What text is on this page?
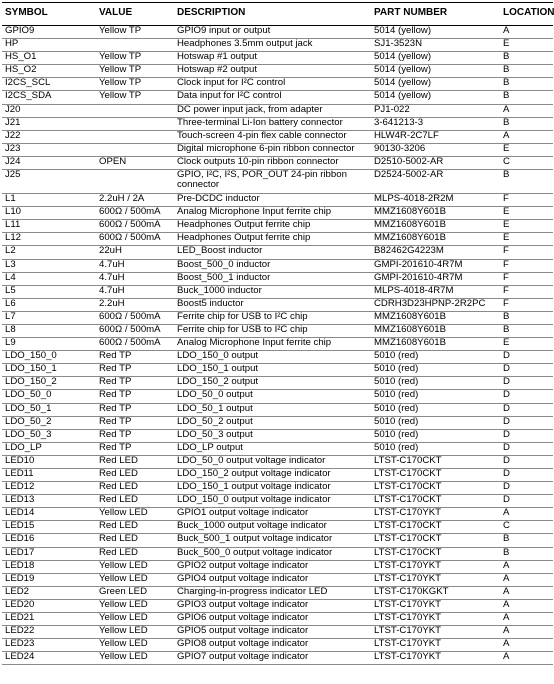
SYMBOL	VALUE	DESCRIPTION	PART NUMBER	LOCATION
GPIO9	Yellow TP	GPIO9 input or output	5014 (yellow)	A
HP		Headphones 3.5mm output jack	SJ1-3523N	E
HS_O1	Yellow TP	Hotswap #1 output	5014 (yellow)	B
HS_O2	Yellow TP	Hotswap #2 output	5014 (yellow)	B
I2CS_SCL	Yellow TP	Clock input for I²C control	5014 (yellow)	B
I2CS_SDA	Yellow TP	Data input for I²C control	5014 (yellow)	B
J20		DC power input jack, from adapter	PJ1-022	A
J21		Three-terminal Li-Ion battery connector	3-641213-3	B
J22		Touch-screen 4-pin flex cable connector	HLW4R-2C7LF	A
J23		Digital microphone 6-pin ribbon connector	90130-3206	E
J24	OPEN	Clock outputs 10-pin ribbon connector	D2510-5002-AR	C
J25		GPIO, I²C, I²S, POR_OUT 24-pin ribbon connector	D2524-5002-AR	B
L1	2.2uH / 2A	Pre-DCDC inductor	MLPS-4018-2R2M	F
L10	600Ω / 500mA	Analog Microphone Input ferrite chip	MMZ1608Y601B	E
L11	600Ω / 500mA	Headphones Output ferrite chip	MMZ1608Y601B	E
L12	600Ω / 500mA	Headphones Output ferrite chip	MMZ1608Y601B	E
L2	22uH	LED_Boost inductor	B82462G4223M	F
L3	4.7uH	Boost_500_0 inductor	GMPI-201610-4R7M	F
L4	4.7uH	Boost_500_1 inductor	GMPI-201610-4R7M	F
L5	4.7uH	Buck_1000 inductor	MLPS-4018-4R7M	F
L6	2.2uH	Boost5 inductor	CDRH3D23HPNP-2R2PC	F
L7	600Ω / 500mA	Ferrite chip for USB to I²C chip	MMZ1608Y601B	B
L8	600Ω / 500mA	Ferrite chip for USB to I²C chip	MMZ1608Y601B	B
L9	600Ω / 500mA	Analog Microphone Input ferrite chip	MMZ1608Y601B	E
LDO_150_0	Red TP	LDO_150_0 output	5010 (red)	D
LDO_150_1	Red TP	LDO_150_1 output	5010 (red)	D
LDO_150_2	Red TP	LDO_150_2 output	5010 (red)	D
LDO_50_0	Red TP	LDO_50_0 output	5010 (red)	D
LDO_50_1	Red TP	LDO_50_1 output	5010 (red)	D
LDO_50_2	Red TP	LDO_50_2 output	5010 (red)	D
LDO_50_3	Red TP	LDO_50_3 output	5010 (red)	D
LDO_LP	Red TP	LDO_LP output	5010 (red)	D
LED10	Red LED	LDO_50_0 output voltage indicator	LTST-C170CKT	D
LED11	Red LED	LDO_150_2 output voltage indicator	LTST-C170CKT	D
LED12	Red LED	LDO_150_1 output voltage indicator	LTST-C170CKT	D
LED13	Red LED	LDO_150_0 output voltage indicator	LTST-C170CKT	D
LED14	Yellow LED	GPIO1 output voltage indicator	LTST-C170YKT	A
LED15	Red LED	Buck_1000 output voltage indicator	LTST-C170CKT	C
LED16	Red LED	Buck_500_1 output voltage indicator	LTST-C170CKT	B
LED17	Red LED	Buck_500_0 output voltage indicator	LTST-C170CKT	B
LED18	Yellow LED	GPIO2 output voltage indicator	LTST-C170YKT	A
LED19	Yellow LED	GPIO4 output voltage indicator	LTST-C170YKT	A
LED2	Green LED	Charging-in-progress indicator LED	LTST-C170KGKT	A
LED20	Yellow LED	GPIO3 output voltage indicator	LTST-C170YKT	A
LED21	Yellow LED	GPIO6 output voltage indicator	LTST-C170YKT	A
LED22	Yellow LED	GPIO5 output voltage indicator	LTST-C170YKT	A
LED23	Yellow LED	GPIO8 output voltage indicator	LTST-C170YKT	A
LED24	Yellow LED	GPIO7 output voltage indicator	LTST-C170YKT	A
